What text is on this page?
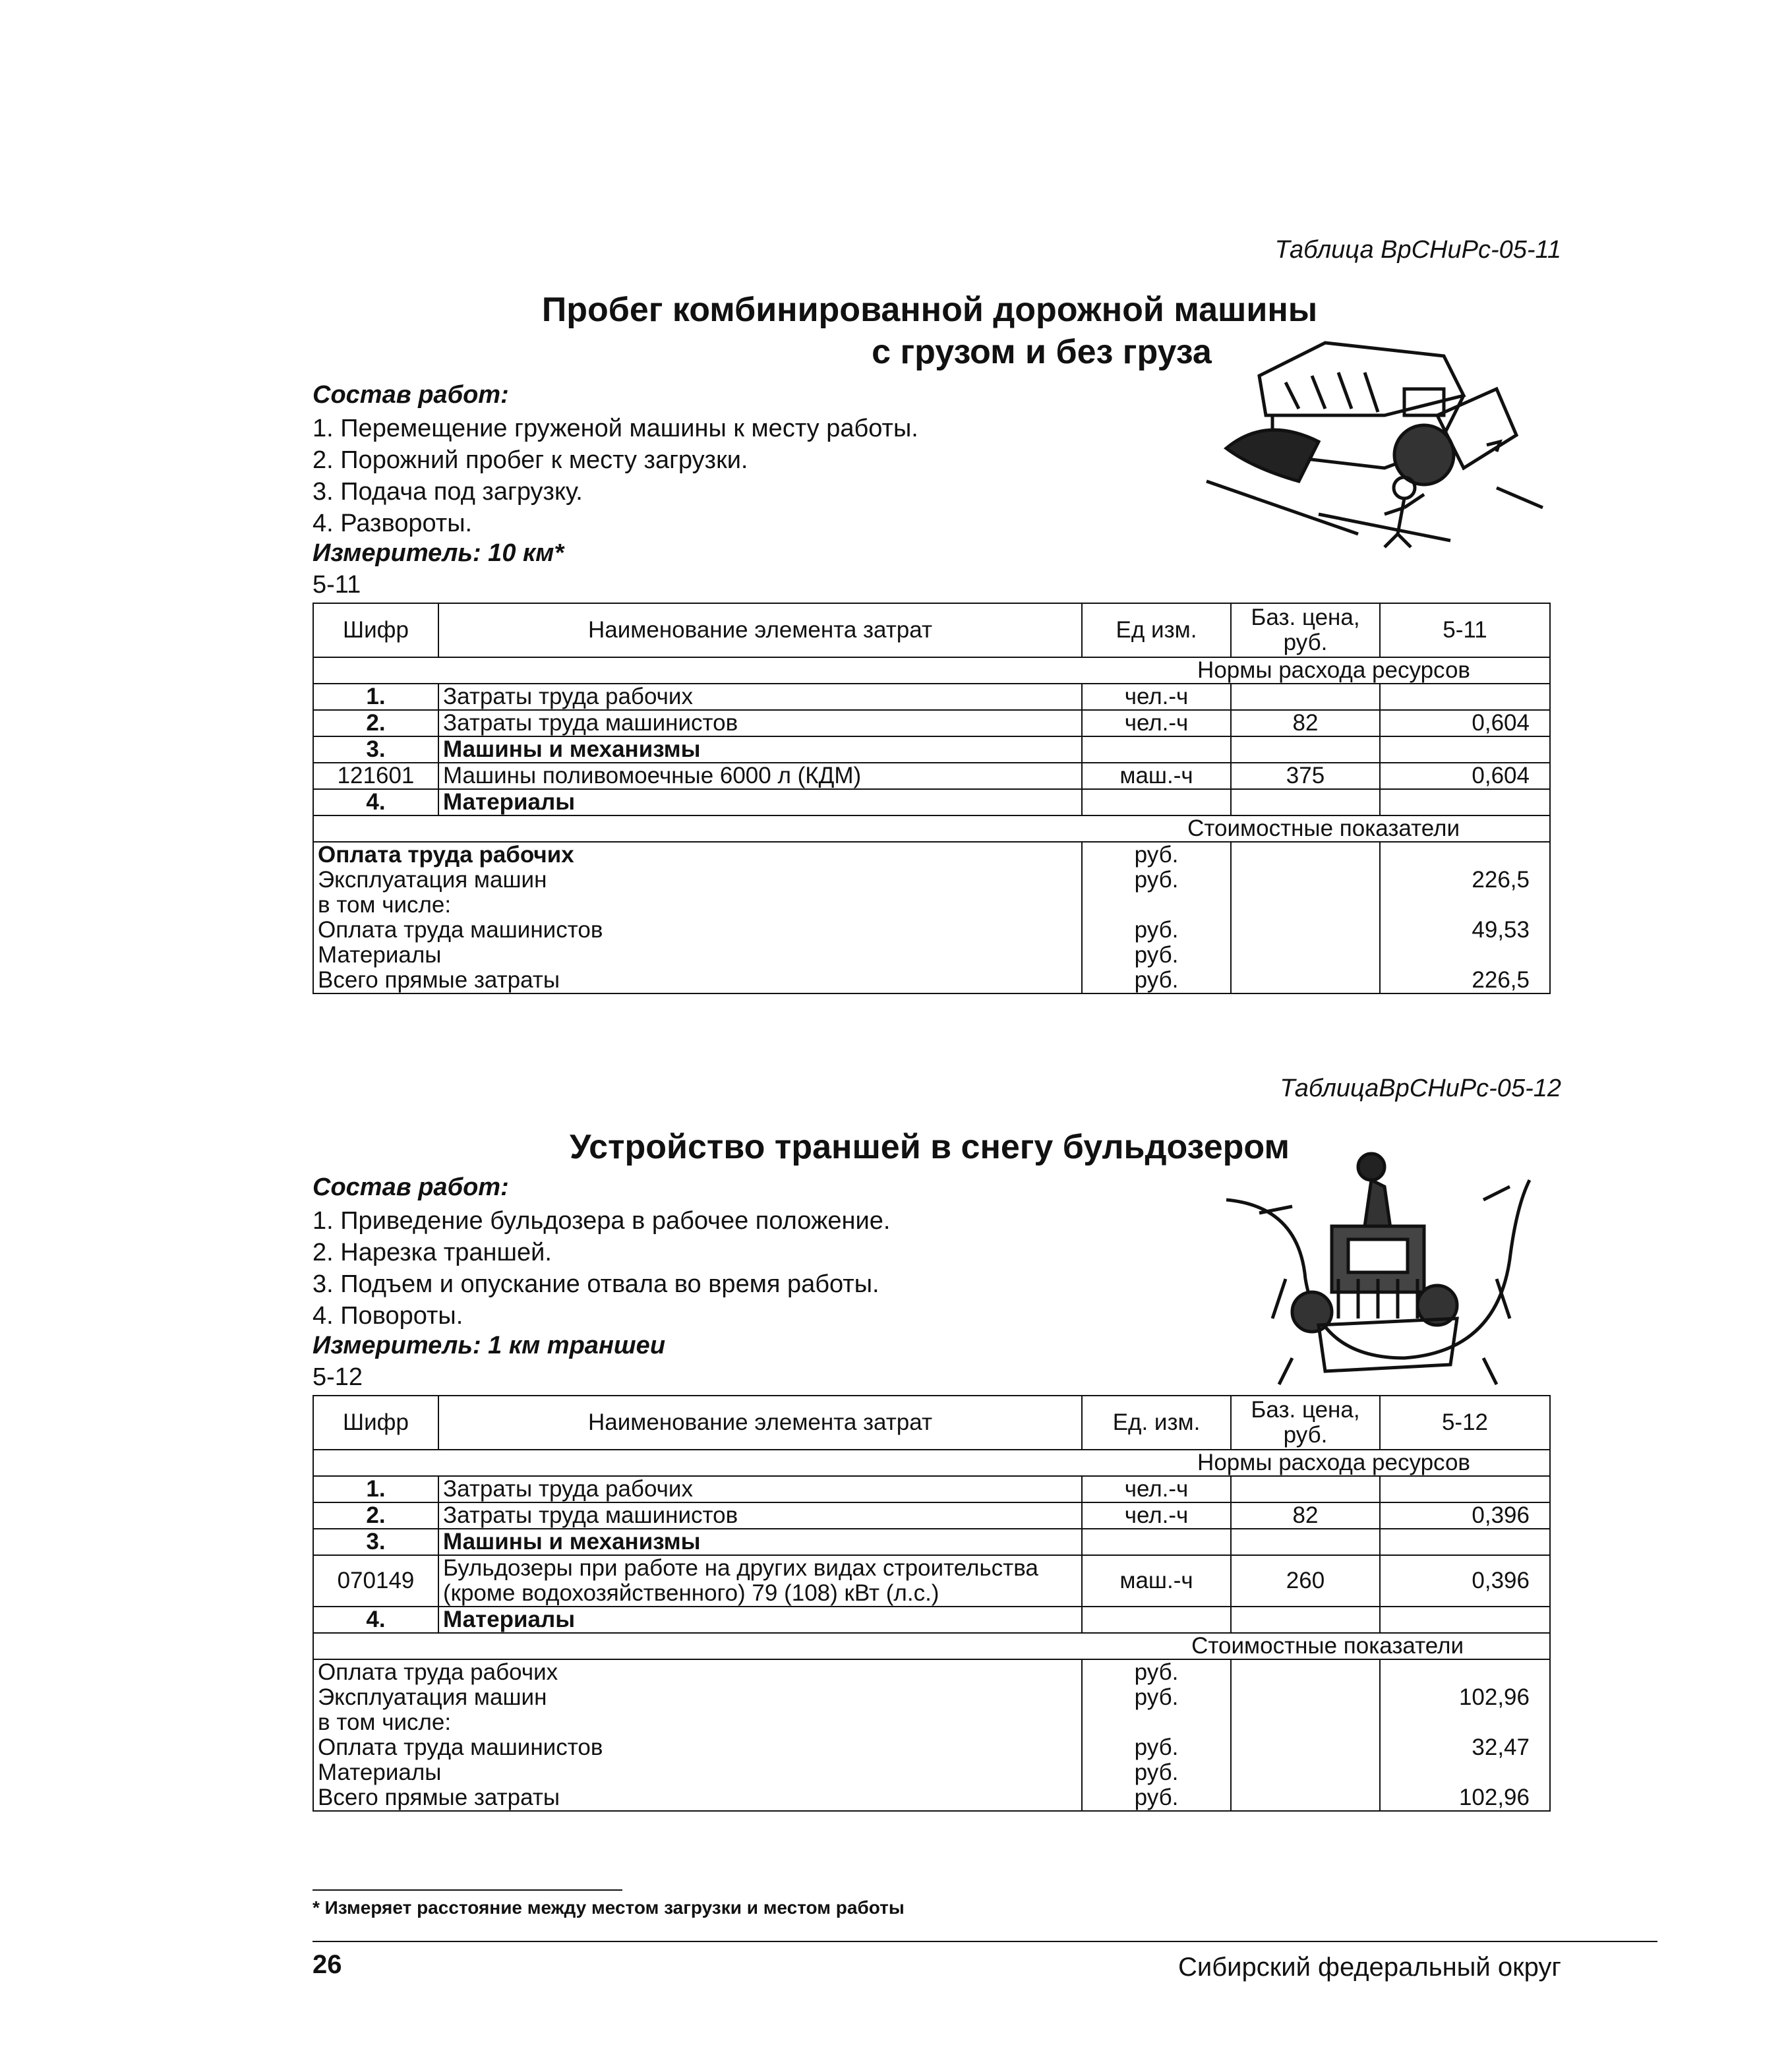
Таблица ВрСНиРс-05-11
Пробег комбинированной дорожной машины
с грузом и без груза
Состав работ:
1. Перемещение груженой машины к месту работы.
2. Порожний пробег к месту загрузки.
3. Подача под загрузку.
4. Развороты.
Измеритель: 10 км*
5-11
Шифр	Наименование элемента затрат	Ед изм.	Баз. цена, руб.	5-11
Нормы расхода ресурсов				
1.	Затраты труда рабочих	чел.-ч		
2.	Затраты труда машинистов	чел.-ч	82	0,604
3.	Машины и механизмы			
121601	Машины поливомоечные 6000 л (КДМ)	маш.-ч	375	0,604
4.	Материалы			
Стоимостные показатели				
Оплата труда рабочих		руб.		
Эксплуатация машин		руб.		226,5
в том числе:				
Оплата труда машинистов		руб.		49,53
Материалы		руб.		
Всего прямые затраты		руб.		226,5
ТаблицаВрСНиРс-05-12
Устройство траншей в снегу бульдозером
Состав работ:
1. Приведение бульдозера в рабочее положение.
2. Нарезка траншей.
3. Подъем и опускание отвала во время работы.
4. Повороты.
Измеритель: 1 км траншеи
5-12
Шифр	Наименование элемента затрат	Ед. изм.	Баз. цена, руб.	5-12
Нормы расхода ресурсов				
1.	Затраты труда рабочих	чел.-ч		
2.	Затраты труда машинистов	чел.-ч	82	0,396
3.	Машины и механизмы			
070149	Бульдозеры при работе на других видах строительства
(кроме водохозяйственного) 79 (108) кВт (л.с.)	маш.-ч	260	0,396
4.	Материалы			
Стоимостные показатели				
Оплата труда рабочих		руб.		
Эксплуатация машин		руб.		102,96
в том числе:				
Оплата труда машинистов		руб.		32,47
Материалы		руб.		
Всего прямые затраты		руб.		102,96
* Измеряет расстояние между местом загрузки и местом работы
26	Сибирский федеральный округ
